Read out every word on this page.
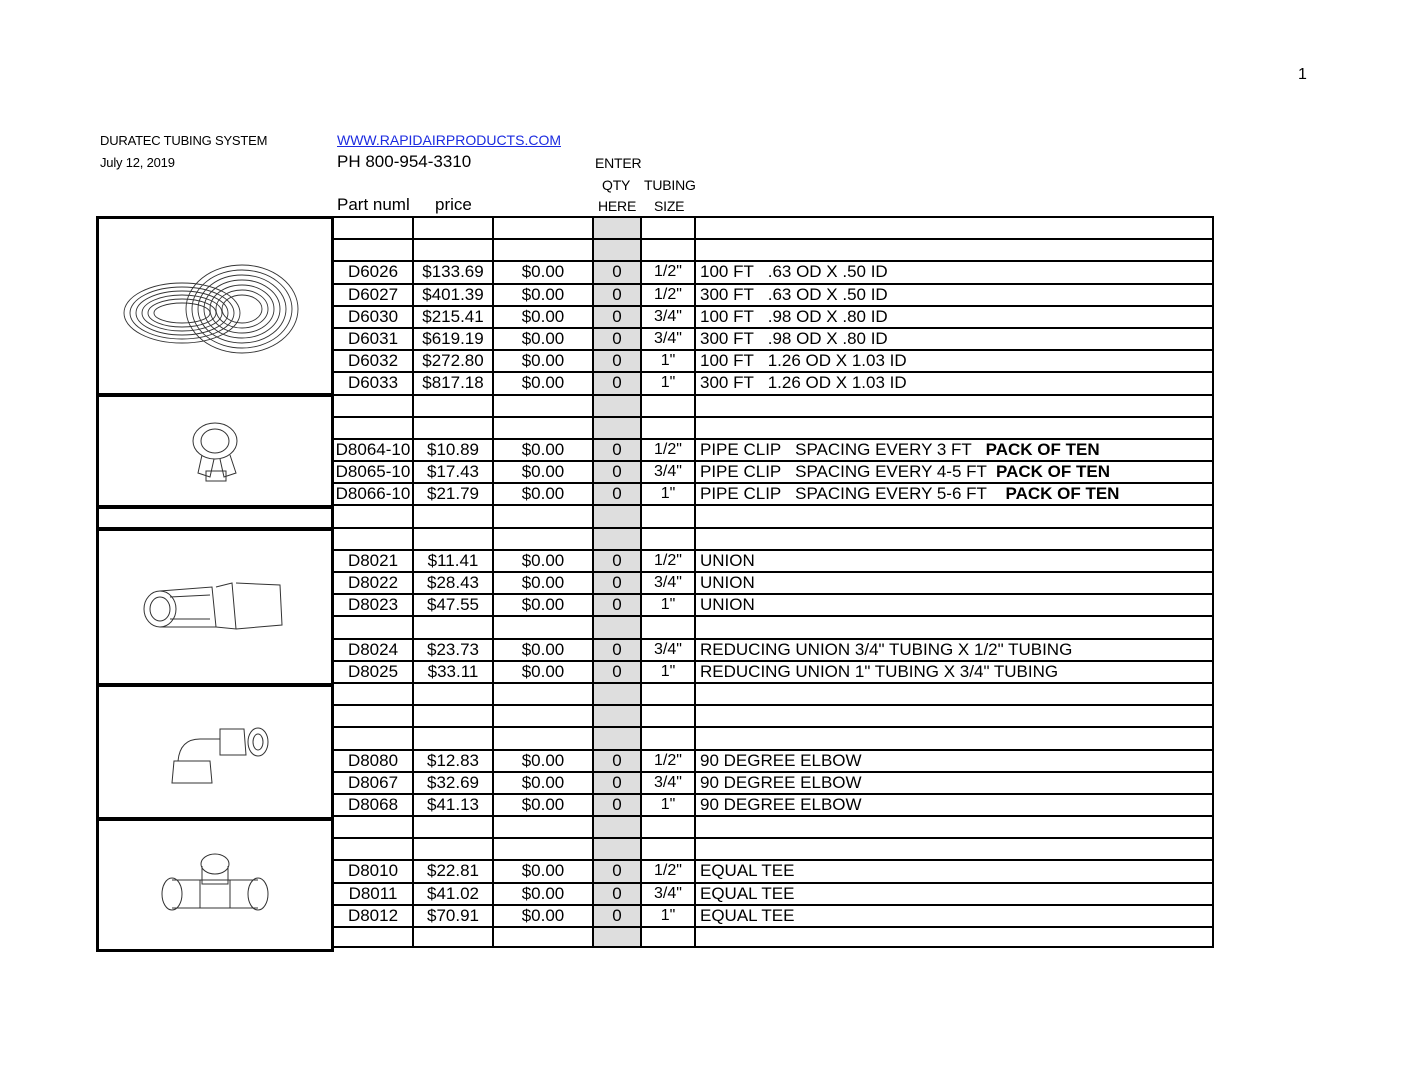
1
DURATEC TUBING SYSTEM
July 12, 2019
WWW.RAPIDAIRPRODUCTS.COM
PH 800-954-3310
Part numl price
ENTER
QTY TUBING
HERE SIZE
D6026	$133.69	$0.00	0	1/2"	100 FT   .63 OD X .50 ID
D6027	$401.39	$0.00	0	1/2"	300 FT   .63 OD X .50 ID
D6030	$215.41	$0.00	0	3/4"	100 FT   .98 OD X .80 ID
D6031	$619.19	$0.00	0	3/4"	300 FT   .98 OD X .80 ID
D6032	$272.80	$0.00	0	1"	100 FT   1.26 OD X 1.03 ID
D6033	$817.18	$0.00	0	1"	300 FT   1.26 OD X 1.03 ID
D8064-10 $10.89	$0.00	0	1/2"	PIPE CLIP   SPACING EVERY 3 FT   PACK OF TEN
D8065-10 $17.43	$0.00	0	3/4"	PIPE CLIP   SPACING EVERY 4-5 FT  PACK OF TEN
D8066-10 $21.79	$0.00	0	1"	PIPE CLIP   SPACING EVERY 5-6 FT    PACK OF TEN
D8021	$11.41	$0.00	0	1/2"	UNION
D8022	$28.43	$0.00	0	3/4"	UNION
D8023	$47.55	$0.00	0	1"	UNION
D8024	$23.73	$0.00	0	3/4"	REDUCING UNION 3/4" TUBING X 1/2" TUBING
D8025	$33.11	$0.00	0	1"	REDUCING UNION 1" TUBING X 3/4" TUBING
D8080	$12.83	$0.00	0	1/2"	90 DEGREE ELBOW
D8067	$32.69	$0.00	0	3/4"	90 DEGREE ELBOW
D8068	$41.13	$0.00	0	1"	90 DEGREE ELBOW
D8010	$22.81	$0.00	0	1/2"	EQUAL TEE
D8011	$41.02	$0.00	0	3/4"	EQUAL TEE
D8012	$70.91	$0.00	0	1"	EQUAL TEE
